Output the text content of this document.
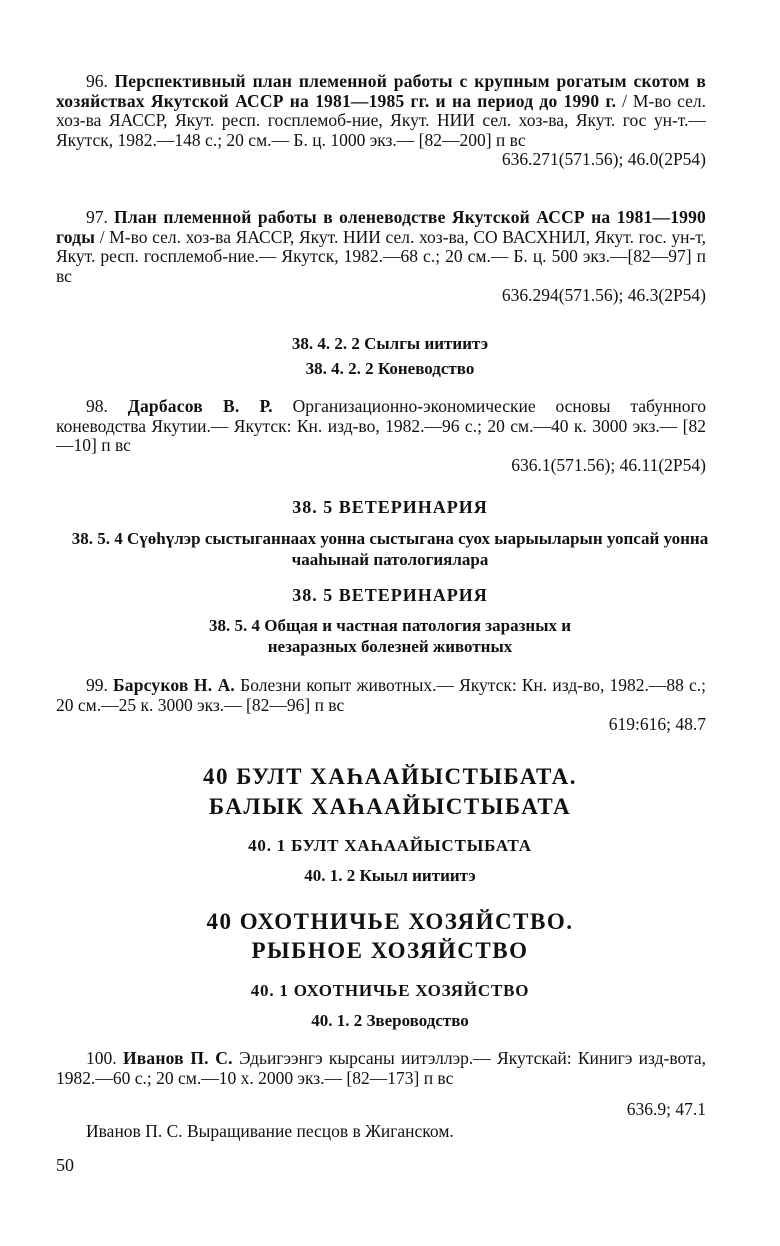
96. Перспективный план племенной работы с крупным рогатым скотом в хозяйствах Якутской АССР на 1981—1985 гг. и на период до 1990 г. / М-во сел. хоз-ва ЯАССР, Якут. респ. госплемоб-ние, Якут. НИИ сел. хоз-ва, Якут. гос ун-т.— Якутск, 1982.—148 с.; 20 см.— Б. ц. 1000 экз.— [82—200] п вс

636.271(571.56); 46.0(2Р54)

97. План племенной работы в оленеводстве Якутской АССР на 1981—1990 годы / М-во сел. хоз-ва ЯАССР, Якут. НИИ сел. хоз-ва, СО ВАСХНИЛ, Якут. гос. ун-т, Якут. респ. госплемоб-ние.— Якутск, 1982.—68 с.; 20 см.— Б. ц. 500 экз.—[82—97] п вс

636.294(571.56); 46.3(2Р54)

38. 4. 2. 2 Сылгы иитиитэ
38. 4. 2. 2 Коневодство

98. Дарбасов В. Р. Организационно-экономические основы табунного коневодства Якутии.— Якутск: Кн. изд-во, 1982.—96 с.; 20 см.—40 к. 3000 экз.— [82—10] п вс

636.1(571.56); 46.11(2Р54)

38. 5 ВЕТЕРИНАРИЯ
38. 5. 4 Сүөһүлэр сыстыганнаах уонна сыстыгана суох ыарыыларын уопсай уонна чааһынай патологиялара
38. 5 ВЕТЕРИНАРИЯ
38. 5. 4 Общая и частная патология заразных и незаразных болезней животных

99. Барсуков Н. А. Болезни копыт животных.— Якутск: Кн. изд-во, 1982.—88 с.; 20 см.—25 к. 3000 экз.— [82—96] п вс

619:616; 48.7

40 БУЛТ ХАҺААЙЫСТЫБАТА.
БАЛЫК ХАҺААЙЫСТЫБАТА
40. 1 БУЛТ ХАҺААЙЫСТЫБАТА
40. 1. 2 Кыыл иитиитэ
40 ОХОТНИЧЬЕ ХОЗЯЙСТВО.
РЫБНОЕ ХОЗЯЙСТВО
40. 1 ОХОТНИЧЬЕ ХОЗЯЙСТВО
40. 1. 2 Звероводство

100. Иванов П. С. Эдьигээнгэ кырсаны иитэллэр.— Якутскай: Кинигэ изд-вота, 1982.—60 с.; 20 см.—10 х. 2000 экз.— [82—173] п вс

636.9; 47.1

Иванов П. С. Выращивание песцов в Жиганском.

50
